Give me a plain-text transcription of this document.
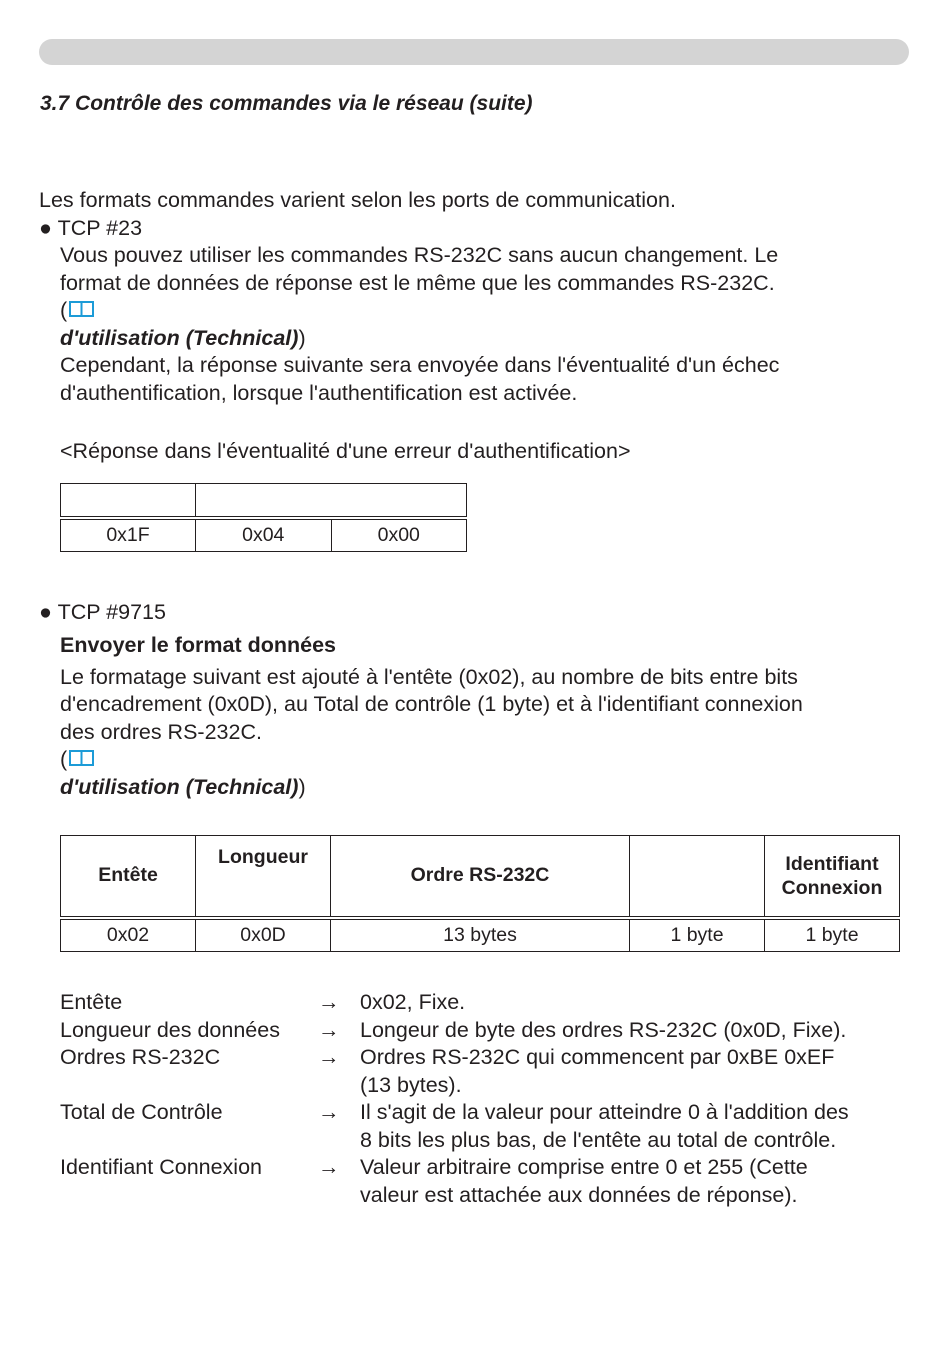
3.7 Contrôle des commandes via le réseau (suite)

Les formats commandes varient selon les ports de communication.

● TCP #23

Vous pouvez utiliser les commandes RS-232C sans aucun changement. Le

format de données de réponse est le même que les commandes RS-232C.

(

d'utilisation (Technical))

Cependant, la réponse suivante sera envoyée dans l'éventualité d'un échec

d'authentification, lorsque l'authentification est activée.

<Réponse dans l'éventualité d'une erreur d'authentification>

0x1F	0x04	0x00

● TCP #9715

Envoyer le format données

Le formatage suivant est ajouté à l'entête (0x02), au nombre de bits entre bits

d'encadrement (0x0D), au Total de contrôle (1 byte) et à l'identifiant connexion

des ordres RS-232C.

(

d'utilisation (Technical))

Entête	Longueur	Ordre RS-232C		Identifiant
Connexion
0x02	0x0D	13 bytes	1 byte	1 byte
Entête	→ 0x02, Fixe.
Longueur des données → Longeur de byte des ordres RS-232C (0x0D, Fixe).
Ordres RS-232C	→ Ordres RS-232C qui commencent par 0xBE 0xEF
(13 bytes).
Total de Contrôle	→ Il s'agit de la valeur pour atteindre 0 à l'addition des
8 bits les plus bas, de l'entête au total de contrôle.
Identifiant Connexion	→ Valeur arbitraire comprise entre 0 et 255 (Cette
valeur est attachée aux données de réponse).
